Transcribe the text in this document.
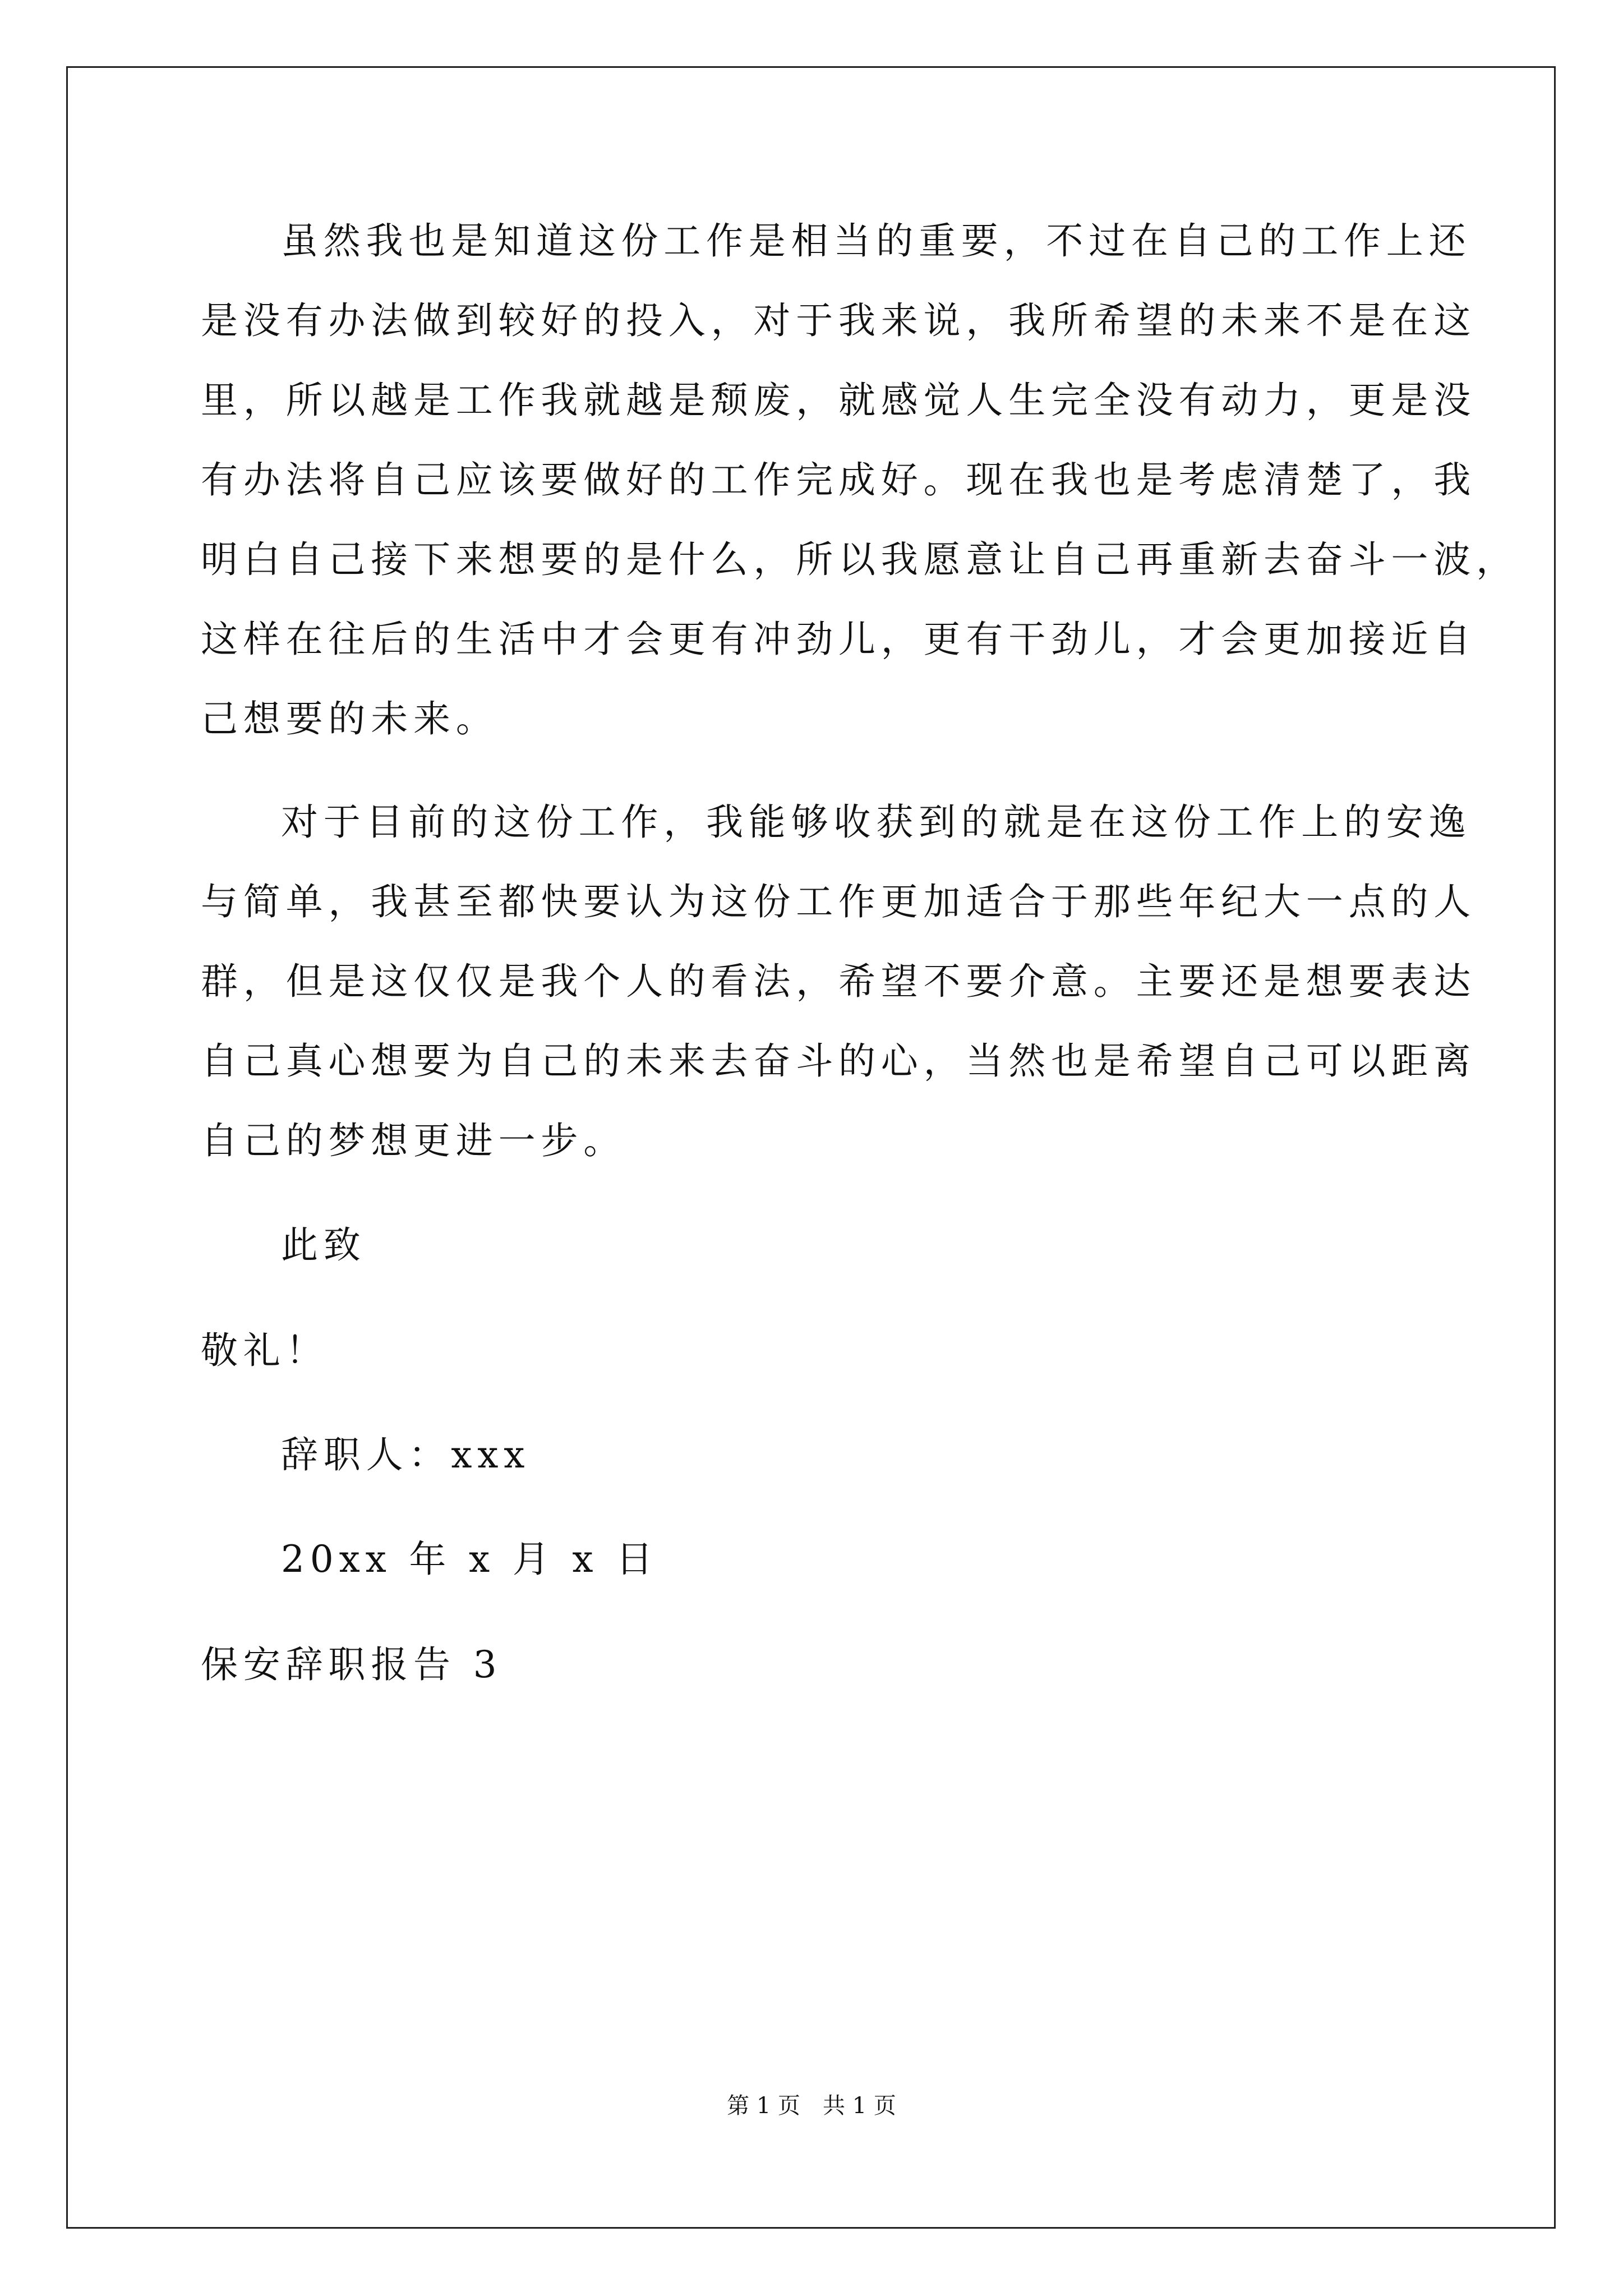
虽然我也是知道这份工作是相当的重要，不过在自己的工作上还
是没有办法做到较好的投入，对于我来说，我所希望的未来不是在这
里，所以越是工作我就越是颓废，就感觉人生完全没有动力，更是没
有办法将自己应该要做好的工作完成好。现在我也是考虑清楚了，我
明白自己接下来想要的是什么，所以我愿意让自己再重新去奋斗一波，
这样在往后的生活中才会更有冲劲儿，更有干劲儿，才会更加接近自
己想要的未来。
对于目前的这份工作，我能够收获到的就是在这份工作上的安逸
与简单，我甚至都快要认为这份工作更加适合于那些年纪大一点的人
群，但是这仅仅是我个人的看法，希望不要介意。主要还是想要表达
自己真心想要为自己的未来去奋斗的心，当然也是希望自己可以距离
自己的梦想更进一步。
此致
敬礼！
辞职人：xxx
20xx 年 x 月 x 日
保安辞职报告 3
第 1 页　共 1 页
